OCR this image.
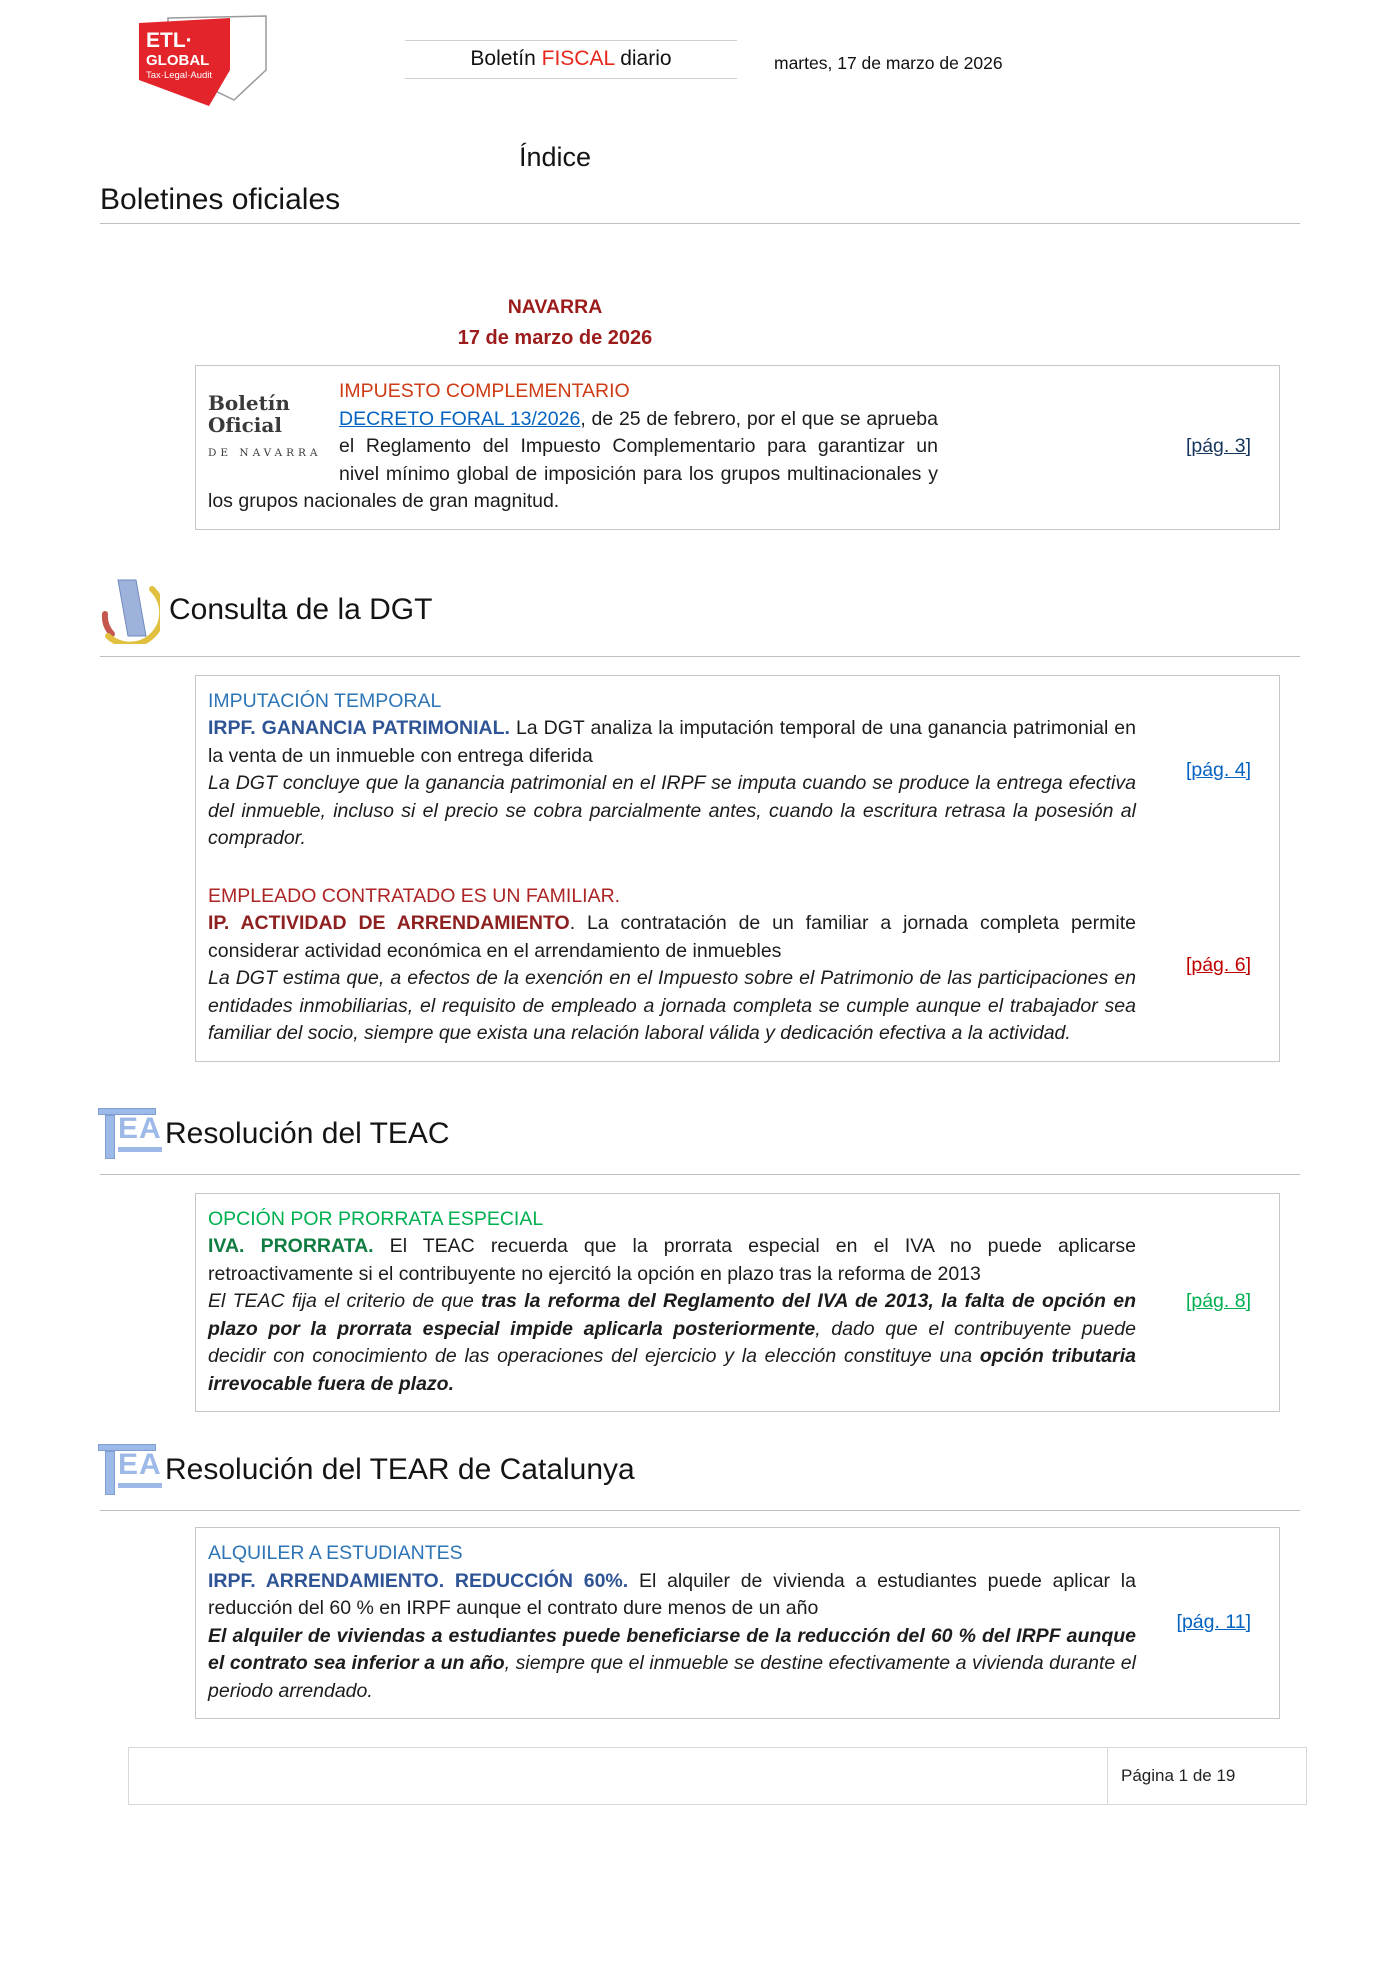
ETL·
GLOBAL
Tax·Legal·Audit
Boletín FISCAL diario	martes, 17 de marzo de 2026
Índice
Boletines oficiales
NAVARRA
17 de marzo de 2026
Boletín Oficial
DE NAVARRA
IMPUESTO COMPLEMENTARIO

DECRETO FORAL 13/2026, de 25 de febrero, por el que se aprueba el Reglamento del Impuesto Complementario para garantizar un nivel mínimo global de imposición para los grupos multinacionales y los grupos nacionales de gran magnitud.

[pág. 3]
Consulta de la DGT
IMPUTACIÓN TEMPORAL

IRPF. GANANCIA PATRIMONIAL. La DGT analiza la imputación temporal de una ganancia patrimonial en la venta de un inmueble con entrega diferida

La DGT concluye que la ganancia patrimonial en el IRPF se imputa cuando se produce la entrega efectiva del inmueble, incluso si el precio se cobra parcialmente antes, cuando la escritura retrasa la posesión al comprador.

[pág. 4]
EMPLEADO CONTRATADO ES UN FAMILIAR.

IP. ACTIVIDAD DE ARRENDAMIENTO. La contratación de un familiar a jornada completa permite considerar actividad económica en el arrendamiento de inmuebles

La DGT estima que, a efectos de la exención en el Impuesto sobre el Patrimonio de las participaciones en entidades inmobiliarias, el requisito de empleado a jornada completa se cumple aunque el trabajador sea familiar del socio, siempre que exista una relación laboral válida y dedicación efectiva a la actividad.

[pág. 6]
EA Resolución del TEAC
OPCIÓN POR PRORRATA ESPECIAL

IVA. PRORRATA. El TEAC recuerda que la prorrata especial en el IVA no puede aplicarse retroactivamente si el contribuyente no ejercitó la opción en plazo tras la reforma de 2013

El TEAC fija el criterio de que tras la reforma del Reglamento del IVA de 2013, la falta de opción en plazo por la prorrata especial impide aplicarla posteriormente, dado que el contribuyente puede decidir con conocimiento de las operaciones del ejercicio y la elección constituye una opción tributaria irrevocable fuera de plazo.

[pág. 8]
EA Resolución del TEAR de Catalunya
ALQUILER A ESTUDIANTES

IRPF. ARRENDAMIENTO. REDUCCIÓN 60%. El alquiler de vivienda a estudiantes puede aplicar la reducción del 60 % en IRPF aunque el contrato dure menos de un año

El alquiler de viviendas a estudiantes puede beneficiarse de la reducción del 60 % del IRPF aunque el contrato sea inferior a un año, siempre que el inmueble se destine efectivamente a vivienda durante el periodo arrendado.

[pág. 11]
Página 1 de 19
